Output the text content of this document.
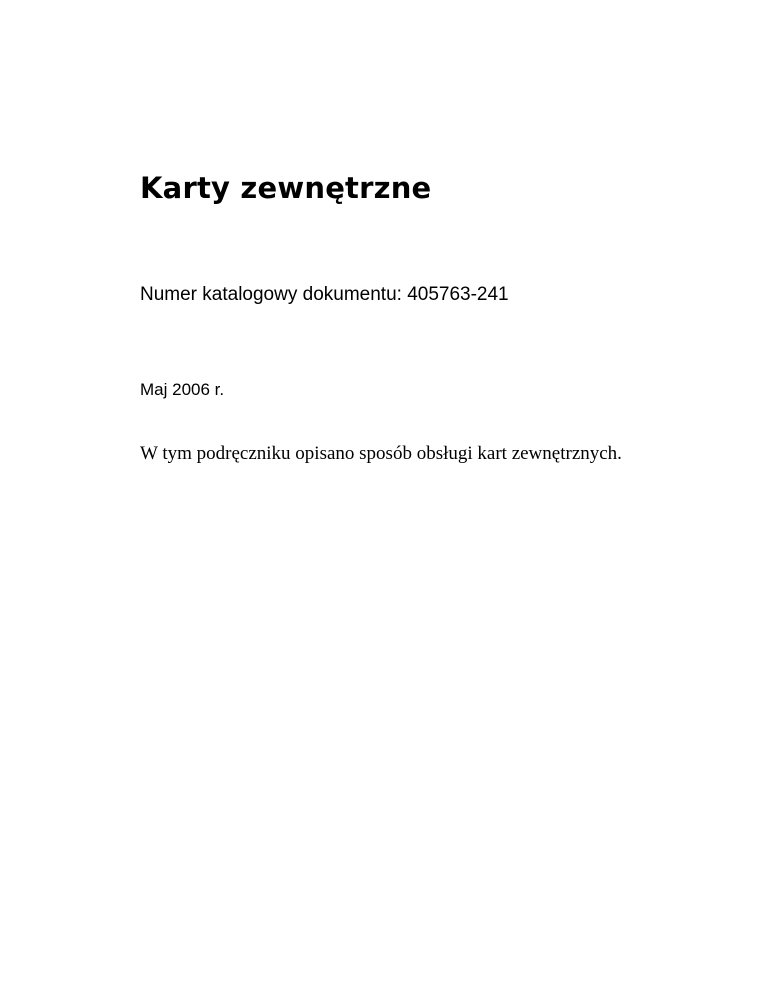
Karty zewnętrzne

Numer katalogowy dokumentu: 405763-241

Maj 2006 r.

W tym podręczniku opisano sposób obsługi kart zewnętrznych.
